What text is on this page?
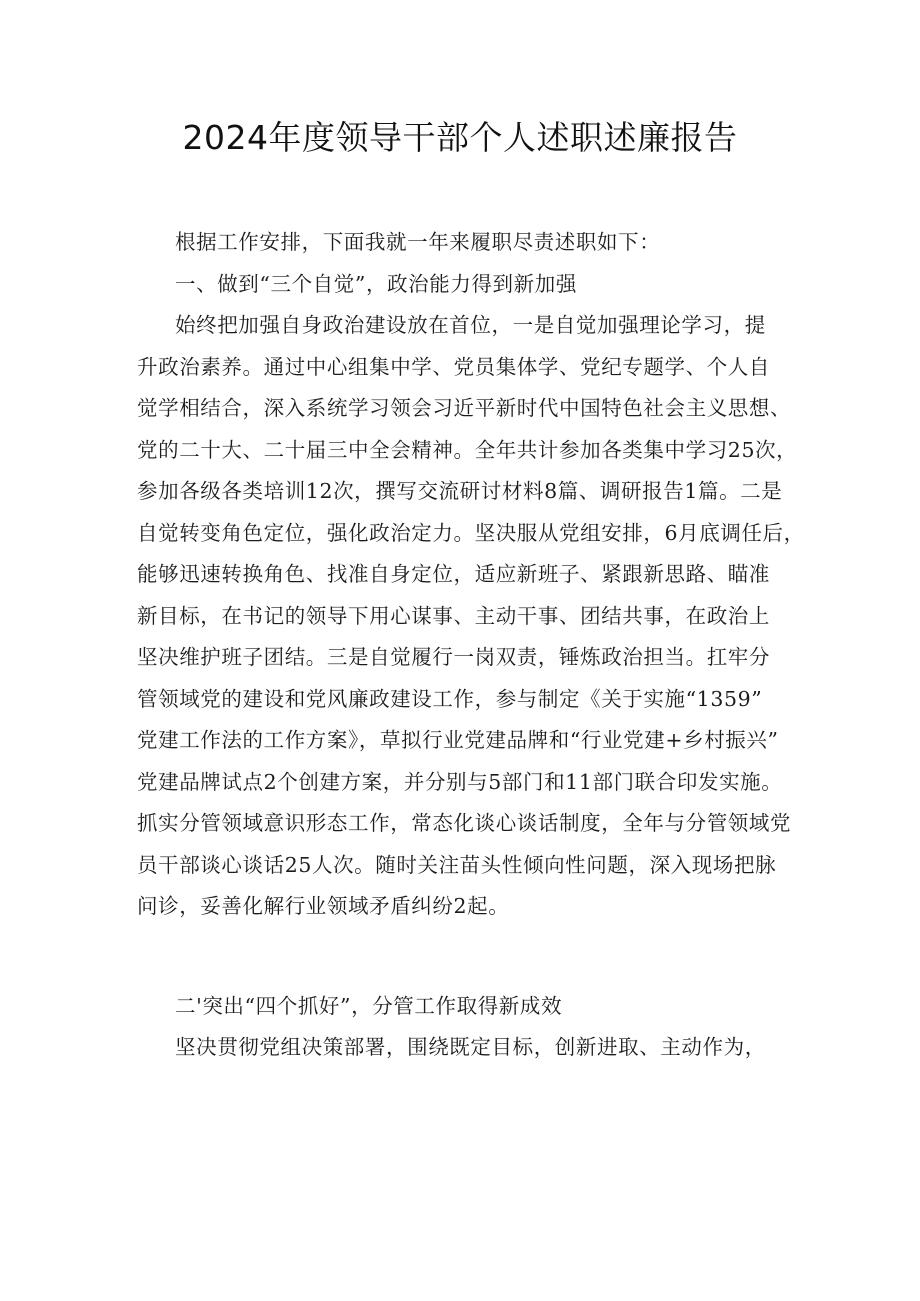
2024年度领导干部个人述职述廉报告
根据工作安排，下面我就一年来履职尽责述职如下：
一、做到“三个自觉”，政治能力得到新加强
始终把加强自身政治建设放在首位，一是自觉加强理论学习，提
升政治素养。通过中心组集中学、党员集体学、党纪专题学、个人自
觉学相结合，深入系统学习领会习近平新时代中国特色社会主义思想、
党的二十大、二十届三中全会精神。全年共计参加各类集中学习25次，
参加各级各类培训12次，撰写交流研讨材料8篇、调研报告1篇。二是
自觉转变角色定位，强化政治定力。坚决服从党组安排，6月底调任后，
能够迅速转换角色、找准自身定位，适应新班子、紧跟新思路、瞄准
新目标，在书记的领导下用心谋事、主动干事、团结共事，在政治上
坚决维护班子团结。三是自觉履行一岗双责，锤炼政治担当。扛牢分
管领域党的建设和党风廉政建设工作，参与制定《关于实施“1359”
党建工作法的工作方案》，草拟行业党建品牌和“行业党建+乡村振兴”
党建品牌试点2个创建方案，并分别与5部门和11部门联合印发实施。
抓实分管领域意识形态工作，常态化谈心谈话制度，全年与分管领域党
员干部谈心谈话25人次。随时关注苗头性倾向性问题，深入现场把脉
问诊，妥善化解行业领域矛盾纠纷2起。
二'突出“四个抓好”，分管工作取得新成效
坚决贯彻党组决策部署，围绕既定目标，创新进取、主动作为，
